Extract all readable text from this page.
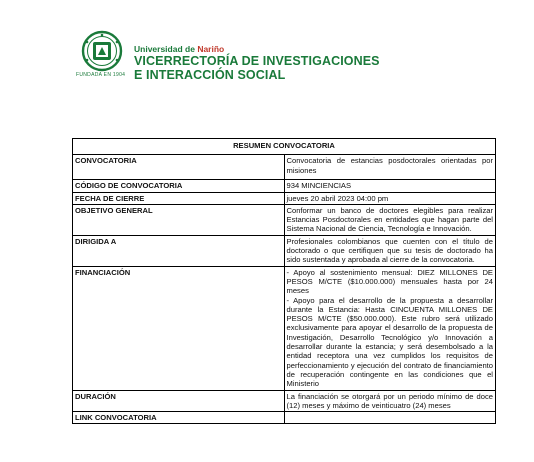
FUNDADA EN 1904
Universidad de Nariño
VICERRECTORÍA DE INVESTIGACIONES
E INTERACCIÓN SOCIAL
RESUMEN CONVOCATORIA	
CONVOCATORIA	Convocatoria de estancias posdoctorales orientadas por misiones
CÓDIGO DE CONVOCATORIA	934 MINCIENCIAS
FECHA DE CIERRE	jueves 20 abril 2023 04:00 pm
OBJETIVO GENERAL	Conformar un banco de doctores elegibles para realizar Estancias Posdoctorales en entidades que hagan parte del Sistema Nacional de Ciencia, Tecnología e Innovación.
DIRIGIDA A	Profesionales colombianos que cuenten con el título de doctorado o que certifiquen que su tesis de doctorado ha sido sustentada y aprobada al cierre de la convocatoria.
FINANCIACIÓN	- Apoyo al sostenimiento mensual: DIEZ MILLONES DE PESOS M/CTE ($10.000.000) mensuales hasta por 24 meses
- Apoyo para el desarrollo de la propuesta a desarrollar durante la Estancia: Hasta CINCUENTA MILLONES DE PESOS M/CTE ($50.000.000). Este rubro será utilizado exclusivamente para apoyar el desarrollo de la propuesta de Investigación, Desarrollo Tecnológico y/o Innovación a desarrollar durante la estancia; y será desembolsado a la entidad receptora una vez cumplidos los requisitos de perfeccionamiento y ejecución del contrato de financiamiento de recuperación contingente en las condiciones que el Ministerio

DURACIÓN	La financiación se otorgará por un periodo mínimo de doce (12) meses y máximo de veinticuatro (24) meses
LINK CONVOCATORIA	
